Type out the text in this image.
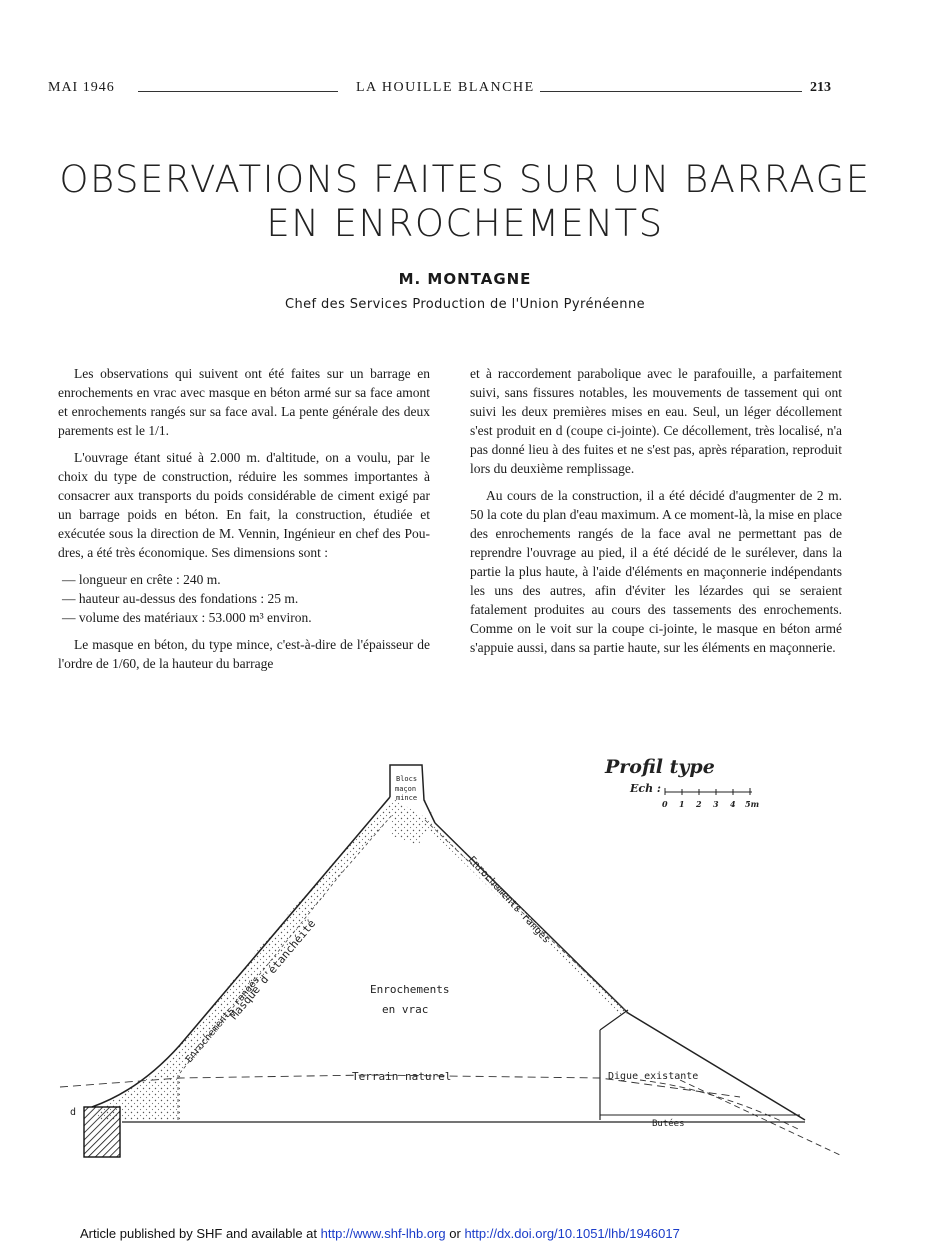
MAI 1946	LA HOUILLE BLANCHE	213
OBSERVATIONS FAITES SUR UN BARRAGE
EN ENROCHEMENTS
M. MONTAGNE
Chef des Services Production de l'Union Pyrénéenne

Les observations qui suivent ont été faites sur un barrage en enrochements en vrac avec masque en béton armé sur sa face amont et enrochements rangés sur sa face aval. La pente générale des deux parements est le 1/1.

L'ouvrage étant situé à 2.000 m. d'altitude, on a voulu, par le choix du type de construction, réduire les sommes importantes à consacrer aux transports du poids considérable de ciment exigé par un barrage poids en béton. En fait, la construction, étudiée et exécutée sous la direction de M. Vennin, Ingénieur en chef des Poudres, a été très économique. Ses dimensions sont :

— longueur en crête : 240 m.
— hauteur au-dessus des fondations : 25 m.
— volume des matériaux : 53.000 m³ environ.

Le masque en béton, du type mince, c'est-à-dire de l'épaisseur de l'ordre de 1/60, de la hauteur du barrage

et à raccordement parabolique avec le parafouille, a parfaitement suivi, sans fissures notables, les mouvements de tassement qui ont suivi les deux premières mises en eau. Seul, un léger décollement s'est produit en d (coupe ci-jointe). Ce décollement, très localisé, n'a pas donné lieu à des fuites et ne s'est pas, après réparation, reproduit lors du deuxième remplissage.

Au cours de la construction, il a été décidé d'augmenter de 2 m. 50 la cote du plan d'eau maximum. A ce moment-là, la mise en place des enrochements rangés de la face aval ne permettant pas de reprendre l'ouvrage au pied, il a été décidé de le surélever, dans la partie la plus haute, à l'aide d'éléments en maçonnerie indépendants les uns des autres, afin d'éviter les lézardes qui se seraient fatalement produites au cours des tassements des enrochements. Comme on le voit sur la coupe ci-jointe, le masque en béton armé s'appuie aussi, dans sa partie haute, sur les éléments en maçonnerie.

Blocs
maçon
mince
d
Masque d'étanchéité
Enrochements rangés
Enrochements rangés
Enrochements
en vrac
Terrain naturel	Digue existante
Butées
Profil type
Ech :
0 1 2 3 4 5m
Article published by SHF and available at http://www.shf-lhb.org or http://dx.doi.org/10.1051/lhb/1946017
